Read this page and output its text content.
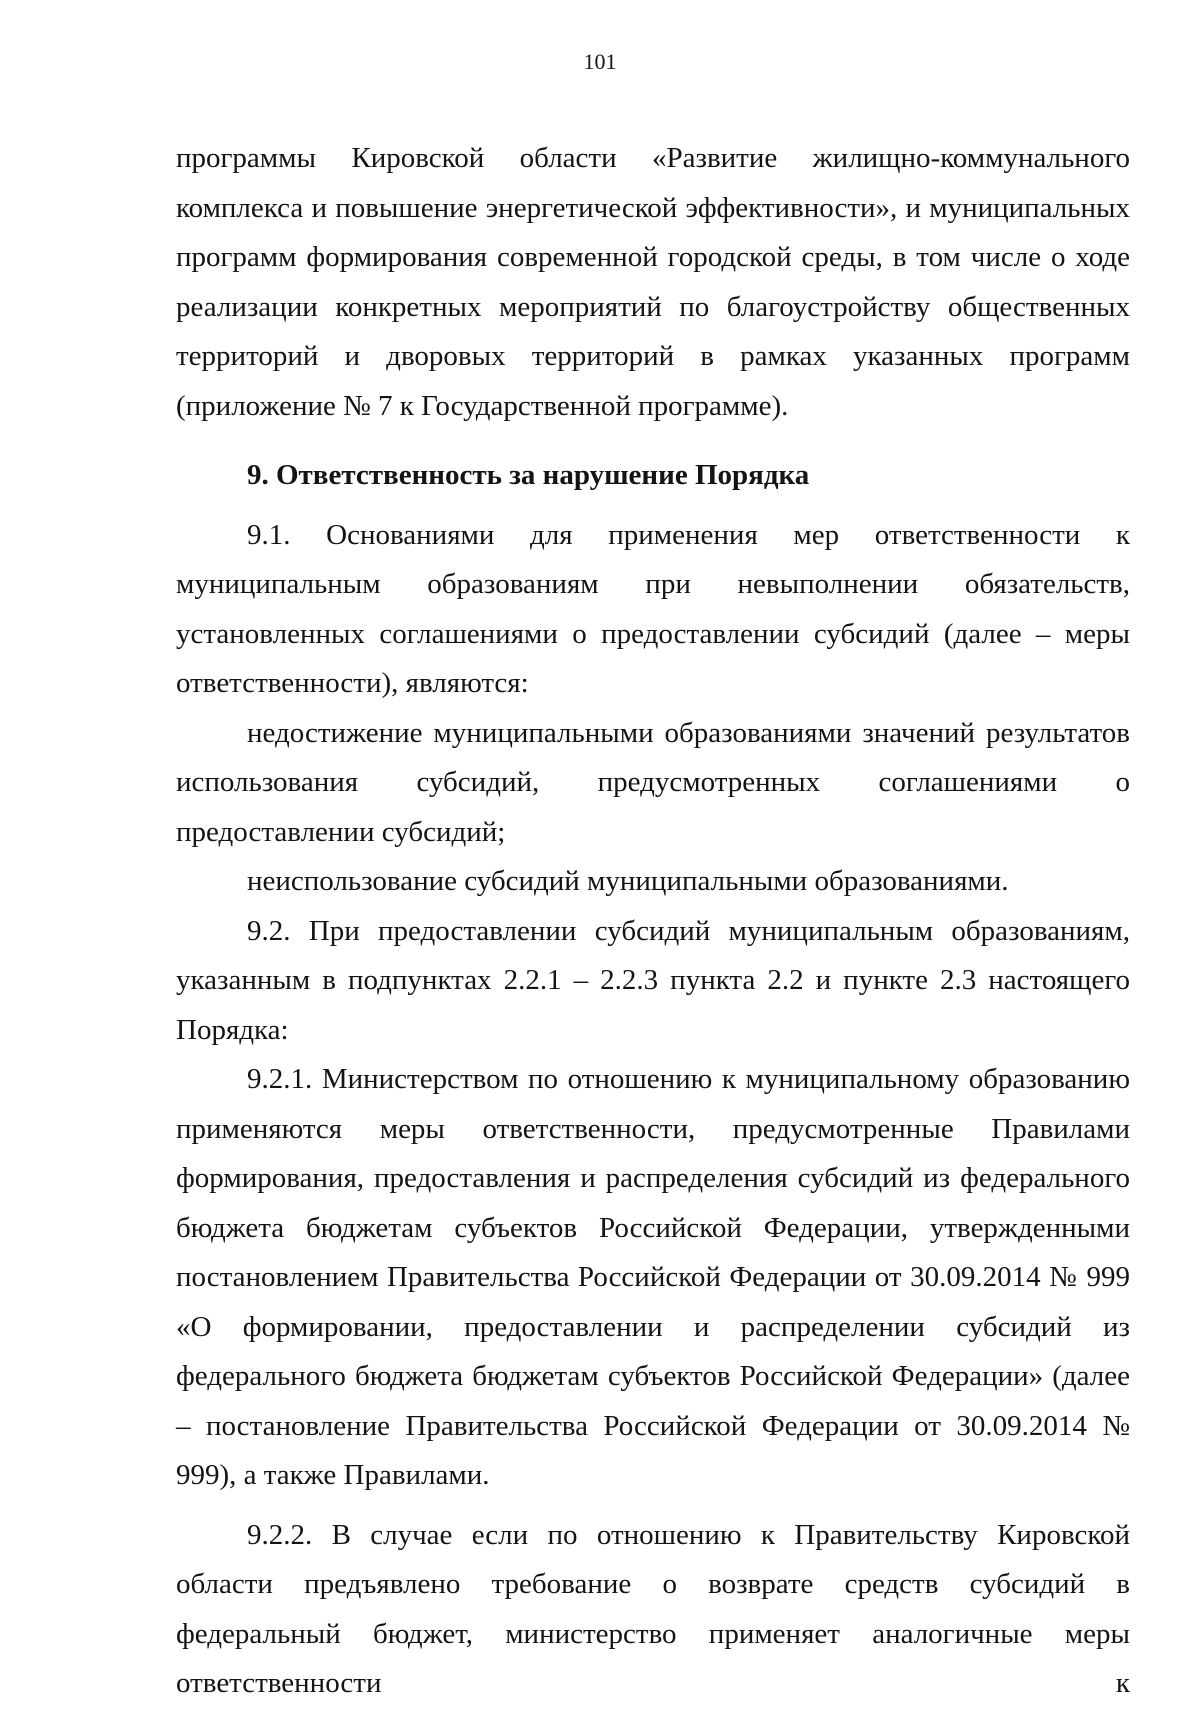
101

программы Кировской области «Развитие жилищно-коммунального комплекса и повышение энергетической эффективности», и муниципальных программ формирования современной городской среды, в том числе о ходе реализации конкретных мероприятий по благоустройству общественных территорий и дворовых территорий в рамках указанных программ (приложение № 7 к Государственной программе).

9. Ответственность за нарушение Порядка

9.1. Основаниями для применения мер ответственности к муниципальным образованиям при невыполнении обязательств, установленных соглашениями о предоставлении субсидий (далее – меры ответственности), являются:

недостижение муниципальными образованиями значений результатов использования субсидий, предусмотренных соглашениями о предоставлении субсидий;

неиспользование субсидий муниципальными образованиями.

9.2. При предоставлении субсидий муниципальным образованиям, указанным в подпунктах 2.2.1 – 2.2.3 пункта 2.2 и пункте 2.3 настоящего Порядка:

9.2.1. Министерством по отношению к муниципальному образованию применяются меры ответственности, предусмотренные Правилами формирования, предоставления и распределения субсидий из федерального бюджета бюджетам субъектов Российской Федерации, утвержденными постановлением Правительства Российской Федерации от 30.09.2014 № 999 «О формировании, предоставлении и распределении субсидий из федерального бюджета бюджетам субъектов Российской Федерации» (далее – постановление Правительства Российской Федерации от 30.09.2014 № 999), а также Правилами.

9.2.2. В случае если по отношению к Правительству Кировской области предъявлено требование о возврате средств субсидий в федеральный бюджет, министерство применяет аналогичные меры ответственности к
